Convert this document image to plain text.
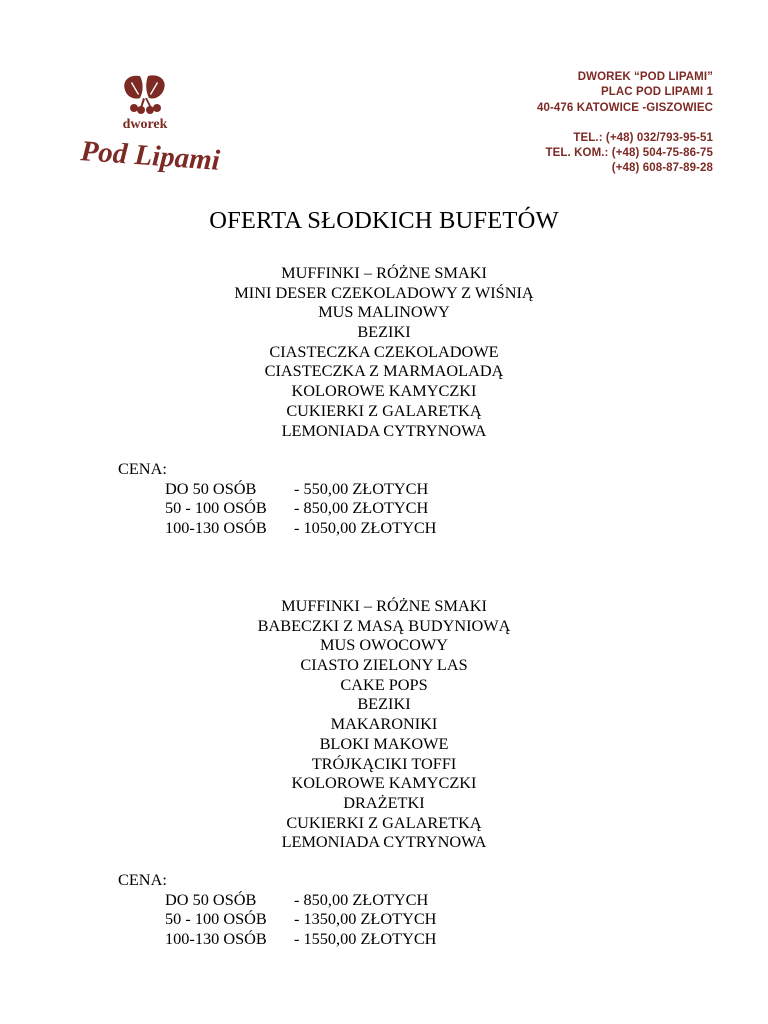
dworek
Pod Lipami
DWOREK “POD LIPAMI”
PLAC POD LIPAMI 1
40-476 KATOWICE -GISZOWIEC
TEL.: (+48) 032/793-95-51
TEL. KOM.: (+48) 504-75-86-75
(+48) 608-87-89-28
OFERTA SŁODKICH BUFETÓW
MUFFINKI – RÓŻNE SMAKI
MINI DESER CZEKOLADOWY Z WIŚNIĄ
MUS MALINOWY
BEZIKI
CIASTECZKA CZEKOLADOWE
CIASTECZKA Z MARMAOLADĄ
KOLOROWE KAMYCZKI
CUKIERKI Z GALARETKĄ
LEMONIADA CYTRYNOWA
CENA:
DO 50 OSÓB	- 550,00 ZŁOTYCH
50 - 100 OSÓB	- 850,00 ZŁOTYCH
100-130 OSÓB	- 1050,00 ZŁOTYCH
MUFFINKI – RÓŻNE SMAKI
BABECZKI Z MASĄ BUDYNIOWĄ
MUS OWOCOWY
CIASTO ZIELONY LAS
CAKE POPS
BEZIKI
MAKARONIKI
BLOKI MAKOWE
TRÓJKĄCIKI TOFFI
KOLOROWE KAMYCZKI
DRAŻETKI
CUKIERKI Z GALARETKĄ
LEMONIADA CYTRYNOWA
CENA:
DO 50 OSÓB	- 850,00 ZŁOTYCH
50 - 100 OSÓB	- 1350,00 ZŁOTYCH
100-130 OSÓB	- 1550,00 ZŁOTYCH
